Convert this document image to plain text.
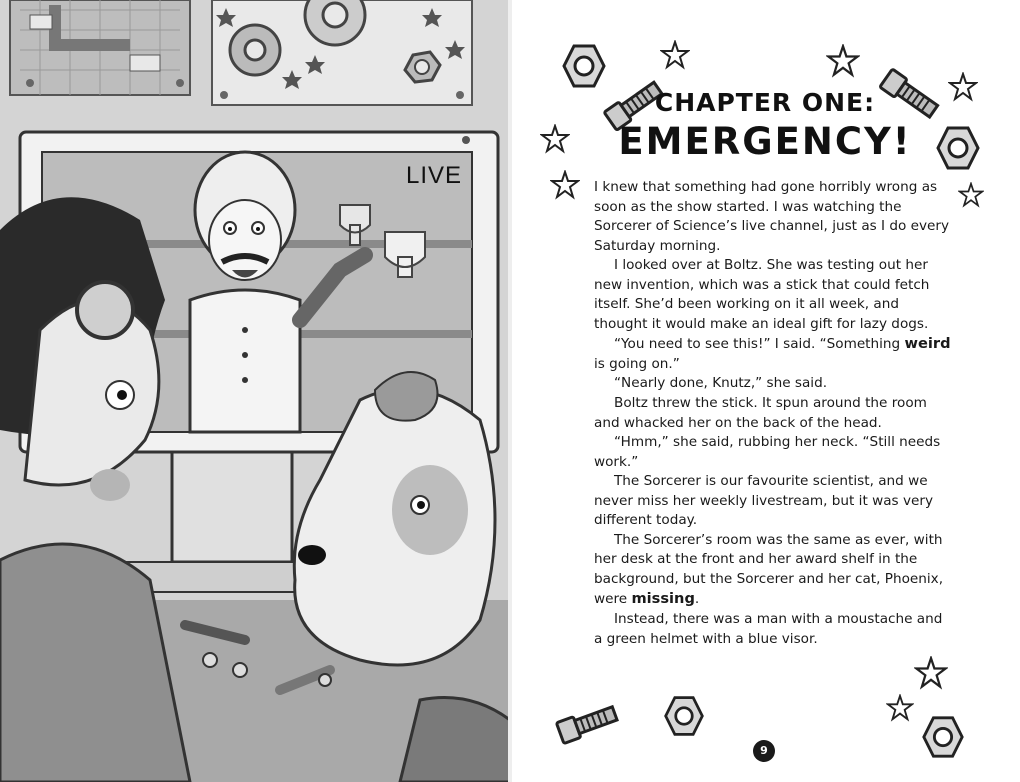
LIVE
CHAPTER ONE:
EMERGENCY!

I knew that something had gone horribly wrong as soon as the show started. I was watching the Sorcerer of Science’s live channel, just as I do every Saturday morning.

I looked over at Boltz. She was testing out her new invention, which was a stick that could fetch itself. She’d been working on it all week, and thought it would make an ideal gift for lazy dogs.

“You need to see this!” I said. “Something weird is going on.”

“Nearly done, Knutz,” she said.

Boltz threw the stick. It spun around the room and whacked her on the back of the head.

“Hmm,” she said, rubbing her neck. “Still needs work.”

The Sorcerer is our favourite scientist, and we never miss her weekly livestream, but it was very different today.

The Sorcerer’s room was the same as ever, with her desk at the front and her award shelf in the background, but the Sorcerer and her cat, Phoenix, were missing.

Instead, there was a man with a moustache and a green helmet with a blue visor.

9
